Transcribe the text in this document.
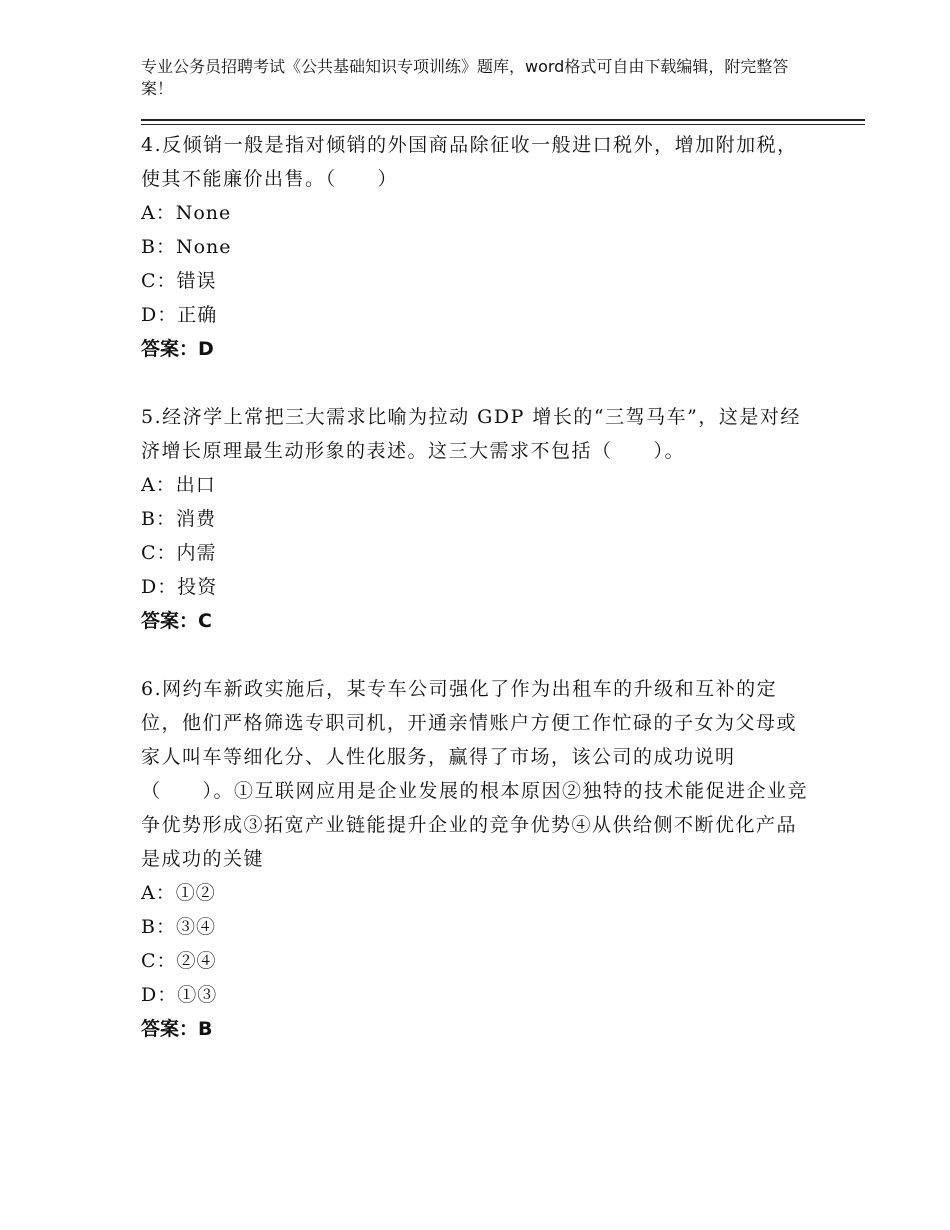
专业公务员招聘考试《公共基础知识专项训练》题库，word格式可自由下载编辑，附完整答案！

4.反倾销一般是指对倾销的外国商品除征收一般进口税外，增加附加税，使其不能廉价出售。（　　）

A：None

B：None

C：错误

D：正确

答案：D

5.经济学上常把三大需求比喻为拉动 GDP 增长的“三驾马车”，这是对经济增长原理最生动形象的表述。这三大需求不包括（　　）。

A：出口

B：消费

C：内需

D：投资

答案：C

6.网约车新政实施后，某专车公司强化了作为出租车的升级和互补的定位，他们严格筛选专职司机，开通亲情账户方便工作忙碌的子女为父母或家人叫车等细化分、人性化服务，赢得了市场，该公司的成功说明（　　）。①互联网应用是企业发展的根本原因②独特的技术能促进企业竞争优势形成③拓宽产业链能提升企业的竞争优势④从供给侧不断优化产品是成功的关键

A：①②

B：③④

C：②④

D：①③

答案：B
